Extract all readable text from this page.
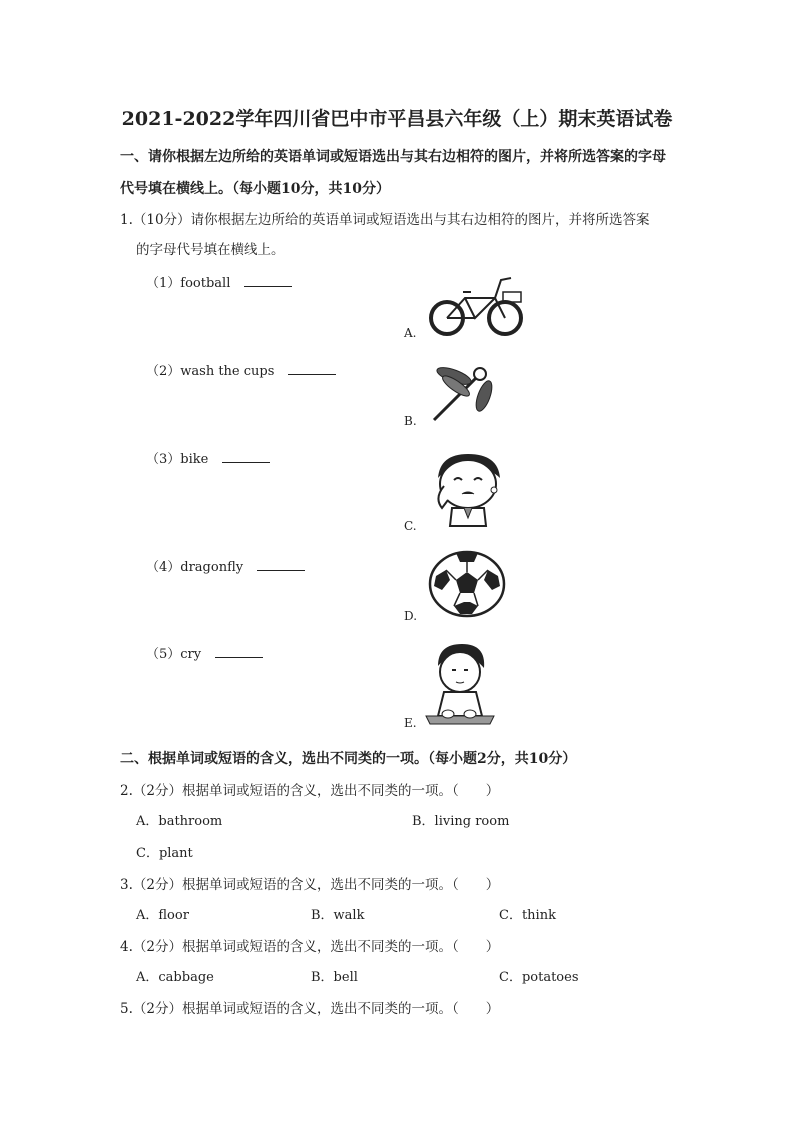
2021-2022学年四川省巴中市平昌县六年级（上）期末英语试卷
一、请你根据左边所给的英语单词或短语选出与其右边相符的图片，并将所选答案的字母
代号填在横线上。（每小题10分，共10分）
1.（10分）请你根据左边所给的英语单词或短语选出与其右边相符的图片，并将所选答案
的字母代号填在横线上。
（1）football
（2）wash the cups
（3）bike
（4）dragonfly
（5）cry
A.
B.
C.
D.
E.
二、根据单词或短语的含义，选出不同类的一项。（每小题2分，共10分）
2.（2分）根据单词或短语的含义，选出不同类的一项。（　　）
A．bathroom	B．living room
C．plant
3.（2分）根据单词或短语的含义，选出不同类的一项。（　　）
A．floor	B．walk	C．think
4.（2分）根据单词或短语的含义，选出不同类的一项。（　　）
A．cabbage	B．bell	C．potatoes
5.（2分）根据单词或短语的含义，选出不同类的一项。（　　）
